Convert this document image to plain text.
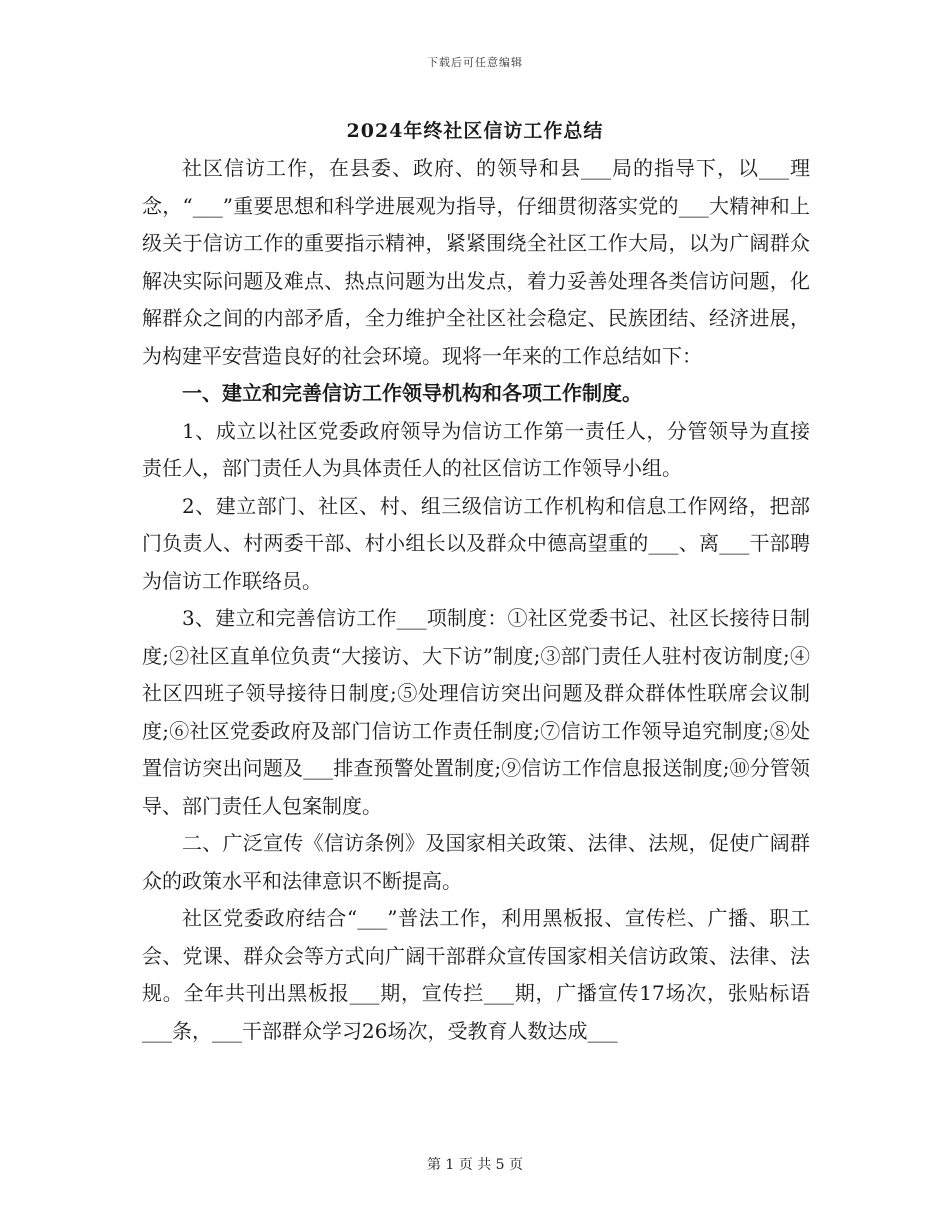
下载后可任意编辑
2024年终社区信访工作总结

社区信访工作，在县委、政府、的领导和县___局的指导下，以___理念，“___”重要思想和科学进展观为指导，仔细贯彻落实党的___大精神和上级关于信访工作的重要指示精神，紧紧围绕全社区工作大局，以为广阔群众解决实际问题及难点、热点问题为出发点，着力妥善处理各类信访问题，化解群众之间的内部矛盾，全力维护全社区社会稳定、民族团结、经济进展，为构建平安营造良好的社会环境。现将一年来的工作总结如下：

一、建立和完善信访工作领导机构和各项工作制度。

1、成立以社区党委政府领导为信访工作第一责任人，分管领导为直接责任人，部门责任人为具体责任人的社区信访工作领导小组。

2、建立部门、社区、村、组三级信访工作机构和信息工作网络，把部门负责人、村两委干部、村小组长以及群众中德高望重的___、离___干部聘为信访工作联络员。

3、建立和完善信访工作___项制度：①社区党委书记、社区长接待日制度;②社区直单位负责“大接访、大下访”制度;③部门责任人驻村夜访制度;④社区四班子领导接待日制度;⑤处理信访突出问题及群众群体性联席会议制度;⑥社区党委政府及部门信访工作责任制度;⑦信访工作领导追究制度;⑧处置信访突出问题及___排查预警处置制度;⑨信访工作信息报送制度;⑩分管领导、部门责任人包案制度。

二、广泛宣传《信访条例》及国家相关政策、法律、法规，促使广阔群众的政策水平和法律意识不断提高。

社区党委政府结合“___”普法工作，利用黑板报、宣传栏、广播、职工会、党课、群众会等方式向广阔干部群众宣传国家相关信访政策、法律、法规。全年共刊出黑板报___期，宣传拦___期，广播宣传17场次，张贴标语___条，___干部群众学习26场次，受教育人数达成___

第 1 页 共 5 页
